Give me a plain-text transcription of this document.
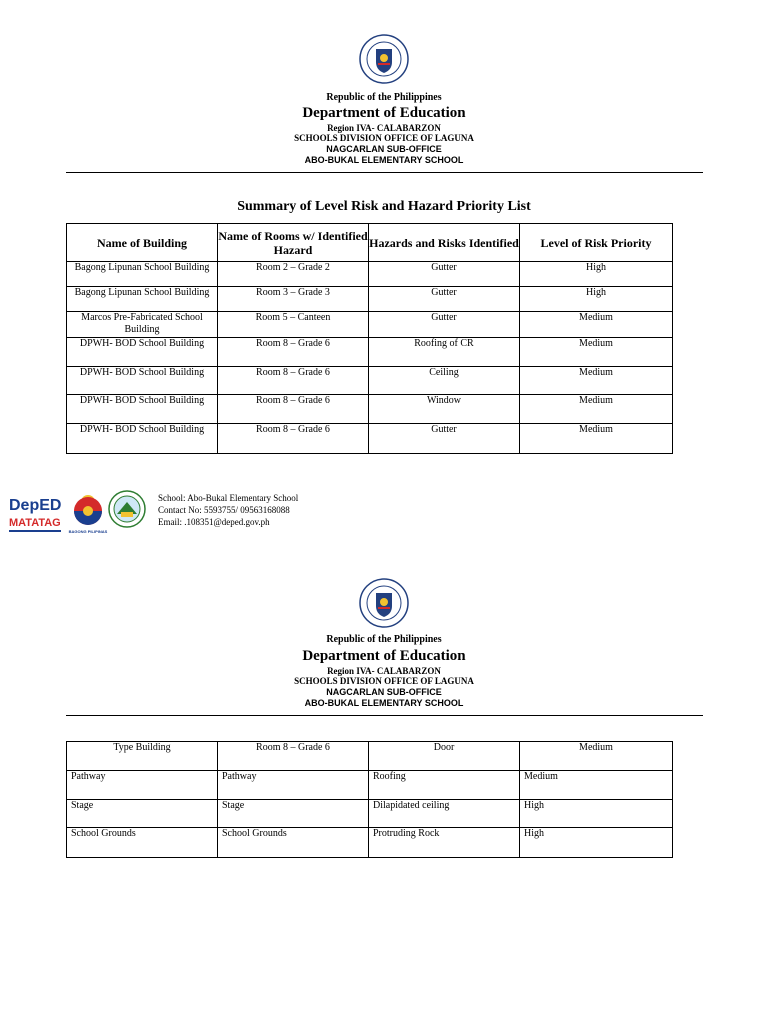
Republic of the Philippines
Department of Education
Region IVA- CALABARZON
SCHOOLS DIVISION OFFICE OF LAGUNA
NAGCARLAN SUB-OFFICE
ABO-BUKAL ELEMENTARY SCHOOL
Summary of Level Risk and Hazard Priority List
Name of Building	Name of Rooms w/ Identified Hazard	Hazards and Risks Identified	Level of Risk Priority
Bagong Lipunan School Building	Room 2 – Grade 2	Gutter	High
Bagong Lipunan School Building	Room 3 – Grade 3	Gutter	High
Marcos Pre-Fabricated School Building	Room 5 – Canteen	Gutter	Medium
DPWH- BOD School Building	Room 8 – Grade 6	Roofing of CR	Medium
DPWH- BOD School Building	Room 8 – Grade 6	Ceiling	Medium
DPWH- BOD School Building	Room 8 – Grade 6	Window	Medium
DPWH- BOD School Building	Room 8 – Grade 6	Gutter	Medium
DepED
MATATAG
BAGONG PILIPINAS
School: Abo-Bukal Elementary School
Contact No: 5593755/ 09563168088
Email: .108351@deped.gov.ph
Republic of the Philippines
Department of Education
Region IVA- CALABARZON
SCHOOLS DIVISION OFFICE OF LAGUNA
NAGCARLAN SUB-OFFICE
ABO-BUKAL ELEMENTARY SCHOOL
Type Building	Room 8 – Grade 6	Door	Medium
Pathway	Pathway	Roofing	Medium
Stage	Stage	Dilapidated ceiling	High
School Grounds	School Grounds	Protruding Rock	High
